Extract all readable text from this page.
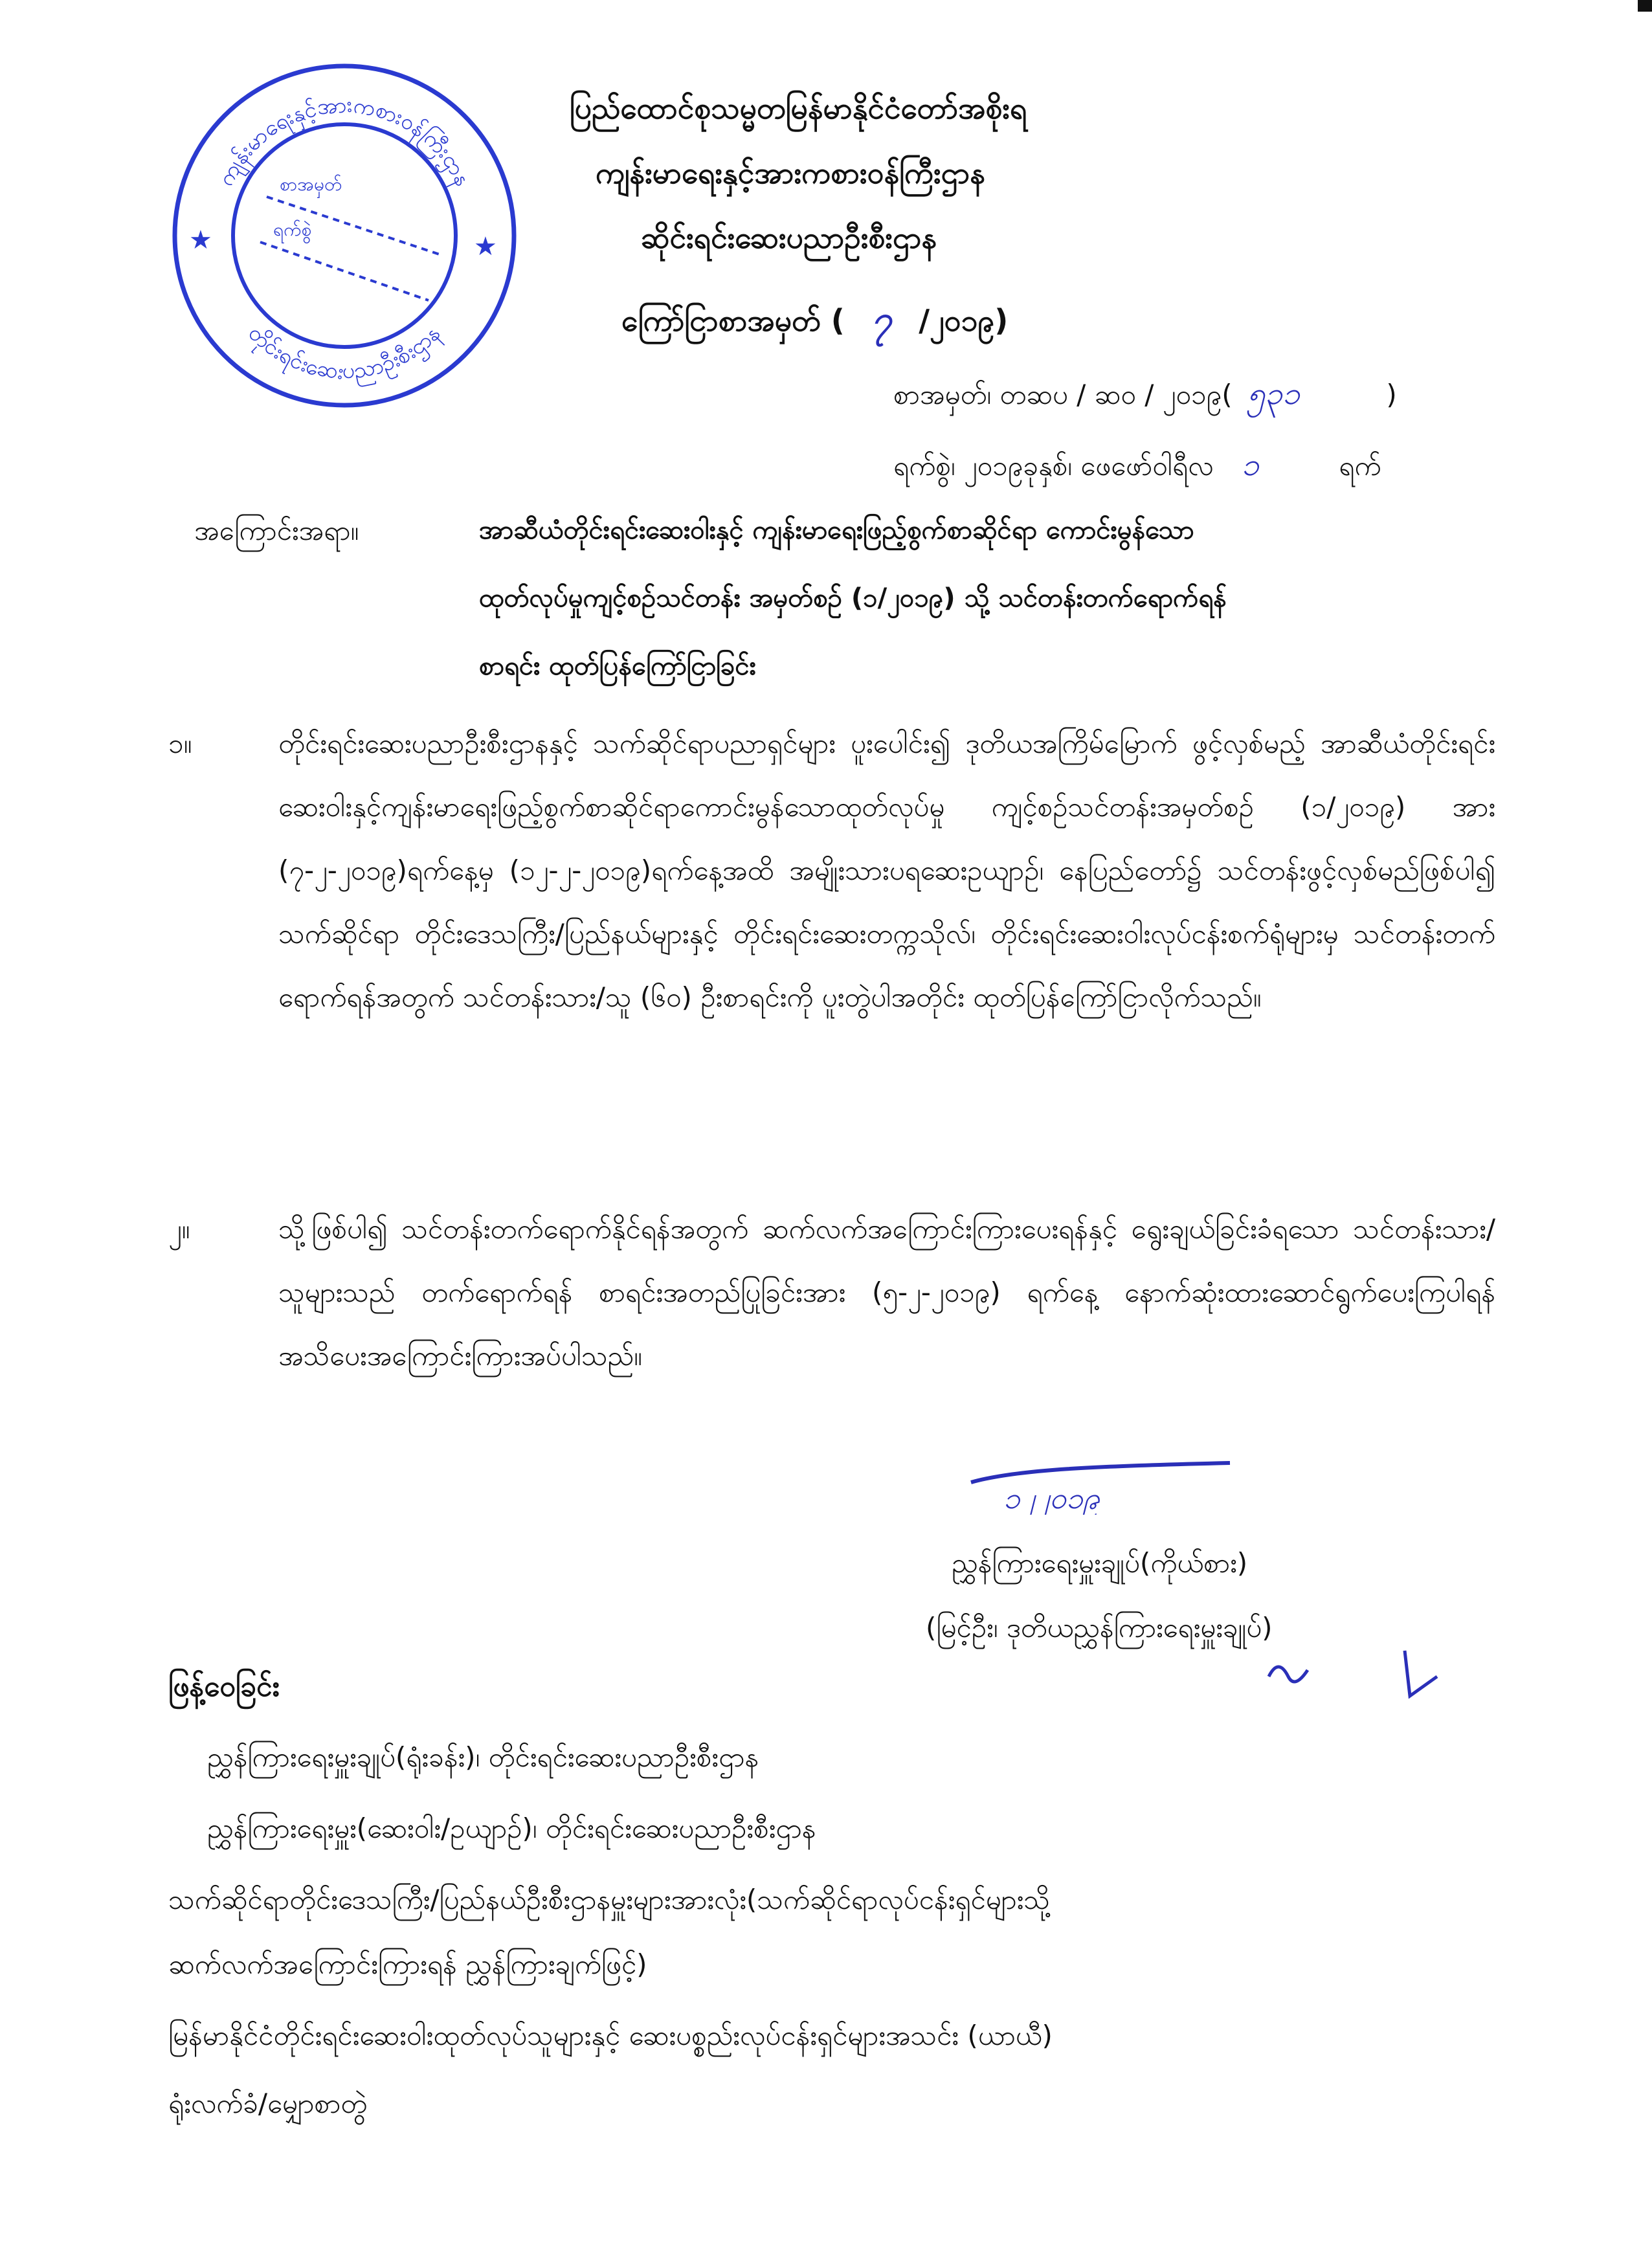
ကျန်းမာရေးနှင့်အားကစားဝန်ကြီးဌာန
တိုင်းရင်းဆေးပညာဦးစီးဌာန
စာအမှတ်
ရက်စွဲ
★	★
ပြည်ထောင်စုသမ္မတမြန်မာနိုင်ငံတော်အစိုးရ
ကျန်းမာရေးနှင့်အားကစားဝန်ကြီးဌာန
ဆိုင်းရင်းဆေးပညာဦးစီးဌာန
ကြော်ငြာစာအမှတ် ( ၇ /၂၀၁၉)
စာအမှတ်၊ တဆပ / ဆ၀ / ၂၀၁၉( ၅၃၁	)
ရက်စွဲ၊ ၂၀၁၉ခုနှစ်၊ ဖေဖော်ဝါရီလ ၁	ရက်
အကြောင်းအရာ။	အာဆီယံတိုင်းရင်းဆေးဝါးနှင့် ကျန်းမာရေးဖြည့်စွက်စာဆိုင်ရာ ကောင်းမွန်သော
ထုတ်လုပ်မှုကျင့်စဉ်သင်တန်း အမှတ်စဉ် (၁/၂၀၁၉) သို့ သင်တန်းတက်ရောက်ရန်
စာရင်း ထုတ်ပြန်ကြော်ငြာခြင်း
၁။	တိုင်းရင်းဆေးပညာဦးစီးဌာနနှင့် သက်ဆိုင်ရာပညာရှင်များ ပူးပေါင်း၍ ဒုတိယအကြိမ်မြောက် ဖွင့်လှစ်မည့် အာဆီယံတိုင်းရင်းဆေးဝါးနှင့်ကျန်းမာရေးဖြည့်စွက်စာဆိုင်ရာကောင်းမွန်သောထုတ်လုပ်မှု ကျင့်စဉ်သင်တန်းအမှတ်စဉ် (၁/၂၀၁၉) အား (၇-၂-၂၀၁၉)ရက်နေ့မှ (၁၂-၂-၂၀၁၉)ရက်နေ့အထိ အမျိုးသားပရဆေးဥယျာဉ်၊ နေပြည်တော်၌ သင်တန်းဖွင့်လှစ်မည်ဖြစ်ပါ၍ သက်ဆိုင်ရာ တိုင်းဒေသကြီး/ပြည်နယ်များနှင့် တိုင်းရင်းဆေးတက္ကသိုလ်၊ တိုင်းရင်းဆေးဝါးလုပ်ငန်းစက်ရုံများမှ သင်တန်းတက်ရောက်ရန်အတွက် သင်တန်းသား/သူ (၆၀) ဦးစာရင်းကို ပူးတွဲပါအတိုင်း ထုတ်ပြန်ကြော်ငြာလိုက်သည်။
၂။	သို့ဖြစ်ပါ၍ သင်တန်းတက်ရောက်နိုင်ရန်အတွက် ဆက်လက်အကြောင်းကြားပေးရန်နှင့် ရွေးချယ်ခြင်းခံရသော သင်တန်းသား/သူများသည် တက်ရောက်ရန် စာရင်းအတည်ပြုခြင်းအား (၅-၂-၂၀၁၉) ရက်နေ့ နောက်ဆုံးထားဆောင်ရွက်ပေးကြပါရန် အသိပေးအကြောင်းကြားအပ်ပါသည်။
၁၂၂၀၁၉
ညွှန်ကြားရေးမှူးချုပ်(ကိုယ်စား)
(မြင့်ဦး၊ ဒုတိယညွှန်ကြားရေးမှူးချုပ်)
ဖြန့်ဝေခြင်း
ညွှန်ကြားရေးမှူးချုပ်(ရုံးခန်း)၊ တိုင်းရင်းဆေးပညာဦးစီးဌာန
ညွှန်ကြားရေးမှူး(ဆေးဝါး/ဥယျာဉ်)၊ တိုင်းရင်းဆေးပညာဦးစီးဌာန
သက်ဆိုင်ရာတိုင်းဒေသကြီး/ပြည်နယ်ဦးစီးဌာနမှူးများအားလုံး(သက်ဆိုင်ရာလုပ်ငန်းရှင်များသို့
ဆက်လက်အကြောင်းကြားရန် ညွှန်ကြားချက်ဖြင့်)
မြန်မာနိုင်ငံတိုင်းရင်းဆေးဝါးထုတ်လုပ်သူများနှင့် ဆေးပစ္စည်းလုပ်ငန်းရှင်များအသင်း (ယာယီ)
ရုံးလက်ခံ/မျှောစာတွဲ
